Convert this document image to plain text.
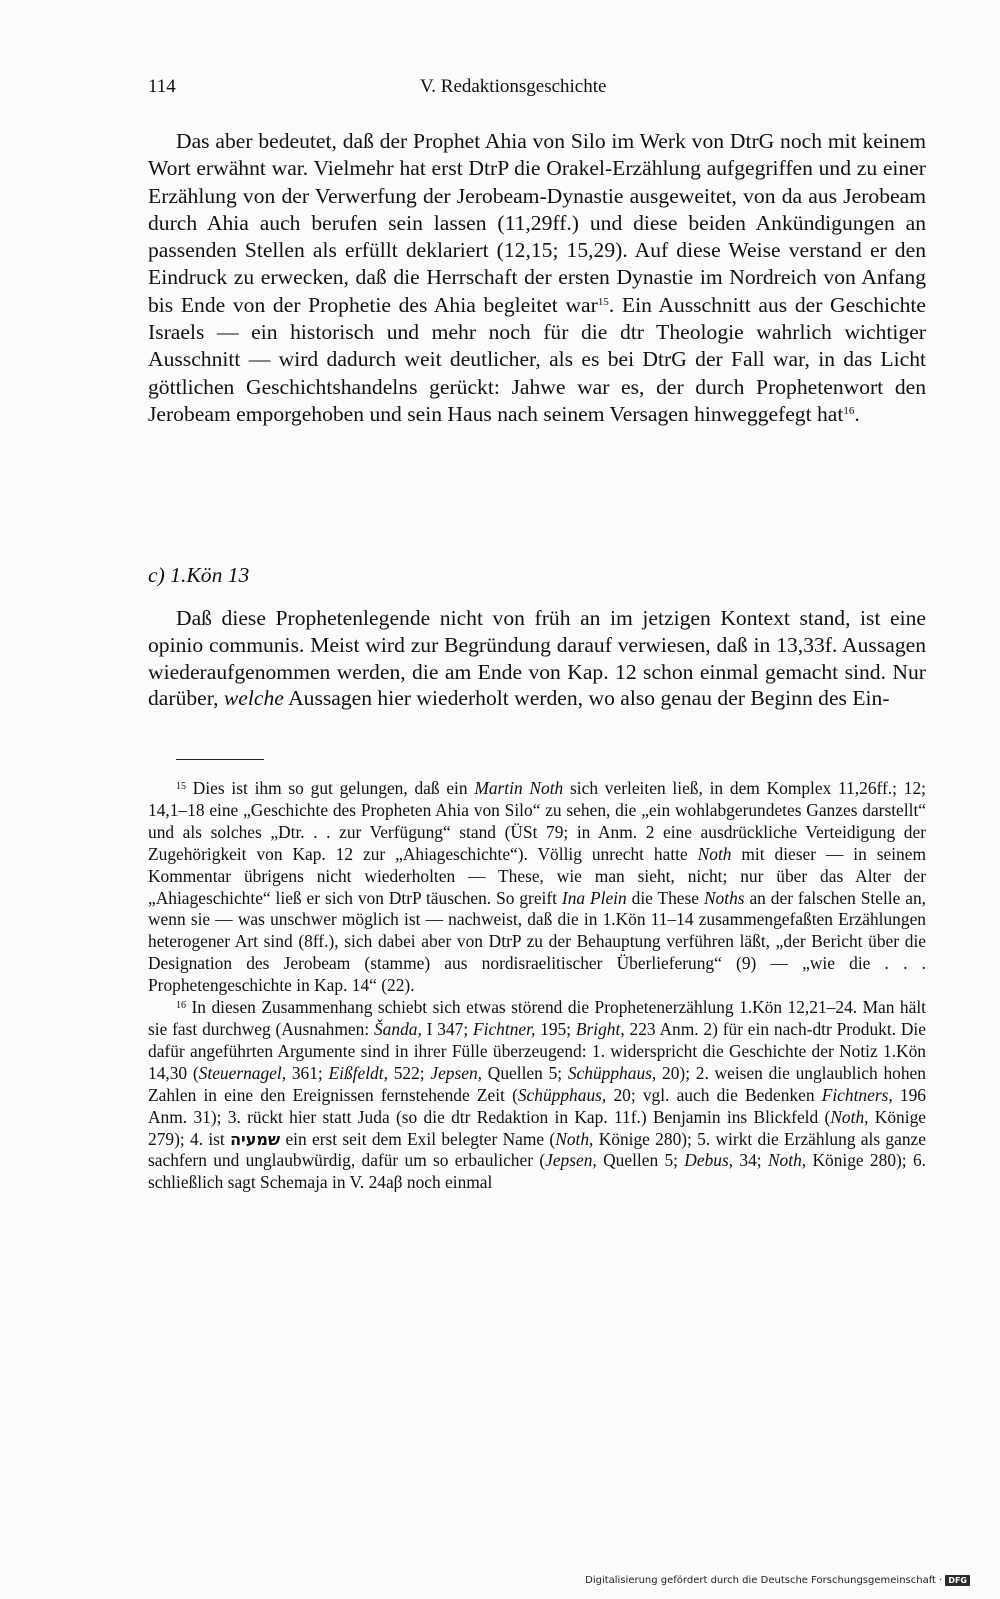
114	V. Redaktionsgeschichte

Das aber bedeutet, daß der Prophet Ahia von Silo im Werk von DtrG noch mit keinem Wort erwähnt war. Vielmehr hat erst DtrP die Orakel-Erzählung aufgegriffen und zu einer Erzählung von der Verwerfung der Jerobeam-Dynastie ausgeweitet, von da aus Jerobeam durch Ahia auch berufen sein lassen (11,29ff.) und diese beiden Ankündigungen an passenden Stellen als erfüllt deklariert (12,15; 15,29). Auf diese Weise verstand er den Eindruck zu erwecken, daß die Herrschaft der ersten Dynastie im Nordreich von Anfang bis Ende von der Prophetie des Ahia begleitet war$^{15}$. Ein Ausschnitt aus der Geschichte Israels — ein historisch und mehr noch für die dtr Theologie wahrlich wichtiger Ausschnitt — wird dadurch weit deutlicher, als es bei DtrG der Fall war, in das Licht göttlichen Geschichtshandelns gerückt: Jahwe war es, der durch Prophetenwort den Jerobeam emporgehoben und sein Haus nach seinem Versagen hinweggefegt hat$^{16}$.

c) 1.Kön 13

Daß diese Prophetenlegende nicht von früh an im jetzigen Kontext stand, ist eine opinio communis. Meist wird zur Begründung darauf verwiesen, daß in 13,33f. Aussagen wiederaufgenommen werden, die am Ende von Kap. 12 schon einmal gemacht sind. Nur darüber, welche Aussagen hier wiederholt werden, wo also genau der Beginn des Ein-

$^{15}$ Dies ist ihm so gut gelungen, daß ein Martin Noth sich verleiten ließ, in dem Komplex 11,26ff.; 12; 14,1–18 eine „Geschichte des Propheten Ahia von Silo“ zu sehen, die „ein wohlabgerundetes Ganzes darstellt“ und als solches „Dtr. . . zur Verfügung“ stand (ÜSt 79; in Anm. 2 eine ausdrückliche Verteidigung der Zugehörigkeit von Kap. 12 zur „Ahiageschichte“). Völlig unrecht hatte Noth mit dieser — in seinem Kommentar übrigens nicht wiederholten — These, wie man sieht, nicht; nur über das Alter der „Ahiageschichte“ ließ er sich von DtrP täuschen. So greift Ina Plein die These Noths an der falschen Stelle an, wenn sie — was unschwer möglich ist — nachweist, daß die in 1.Kön 11–14 zusammengefaßten Erzählungen heterogener Art sind (8ff.), sich dabei aber von DtrP zu der Behauptung verführen läßt, „der Bericht über die Designation des Jerobeam (stamme) aus nordisraelitischer Überlieferung“ (9) — „wie die . . . Prophetengeschichte in Kap. 14“ (22).

$^{16}$ In diesen Zusammenhang schiebt sich etwas störend die Prophetenerzählung 1.Kön 12,21–24. Man hält sie fast durchweg (Ausnahmen: Šanda, I 347; Fichtner, 195; Bright, 223 Anm. 2) für ein nach-dtr Produkt. Die dafür angeführten Argumente sind in ihrer Fülle überzeugend: 1. widerspricht die Geschichte der Notiz 1.Kön 14,30 (Steuernagel, 361; Eißfeldt, 522; Jepsen, Quellen 5; Schüpphaus, 20); 2. weisen die unglaublich hohen Zahlen in eine den Ereignissen fernstehende Zeit (Schüpphaus, 20; vgl. auch die Bedenken Fichtners, 196 Anm. 31); 3. rückt hier statt Juda (so die dtr Redaktion in Kap. 11f.) Benjamin ins Blickfeld (Noth, Könige 279); 4. ist שמעיה ein erst seit dem Exil belegter Name (Noth, Könige 280); 5. wirkt die Erzählung als ganze sachfern und unglaubwürdig, dafür um so erbaulicher (Jepsen, Quellen 5; Debus, 34; Noth, Könige 280); 6. schließlich sagt Schemaja in V. 24aβ noch einmal

Digitalisierung gefördert durch die Deutsche Forschungsgemeinschaft · DFG
